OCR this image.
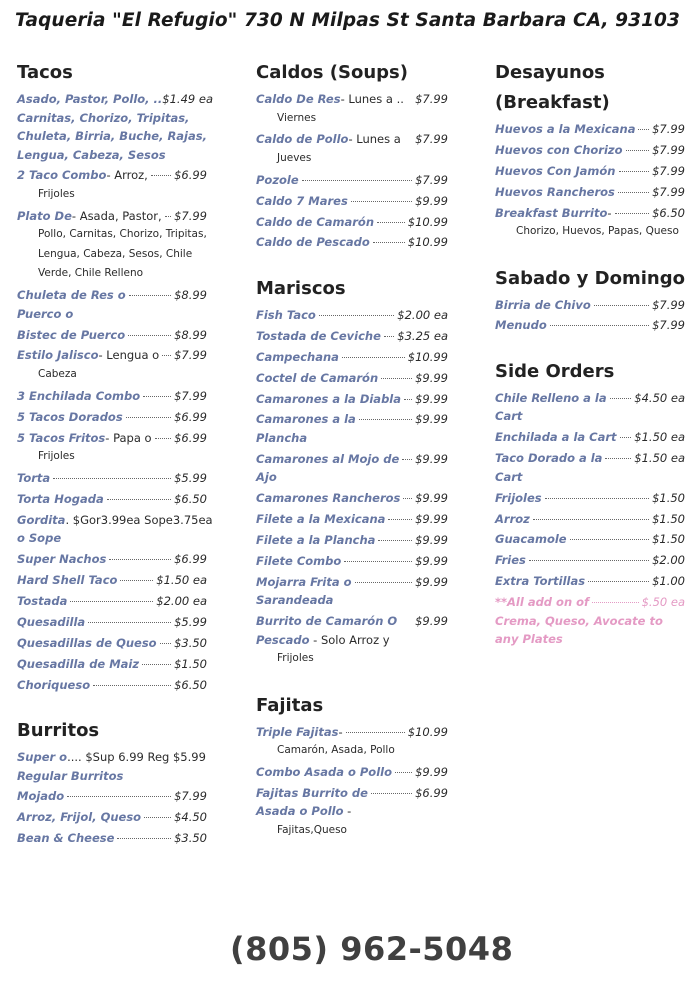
Taqueria "El Refugio" 730 N Milpas St Santa Barbara CA, 93103
Tacos
Asado, Pastor, Pollo, .. $1.49 ea
Carnitas, Chorizo, Tripitas, Chuleta, Birria, Buche, Rajas, Lengua, Cabeza, Sesos
2 Taco Combo - Arroz, $6.99
Frijoles
Plato De - Asada, Pastor, $7.99
Pollo, Carnitas, Chorizo, Tripitas, Lengua, Cabeza, Sesos, Chile Verde, Chile Relleno
Chuleta de Res o	$8.99
Puerco o
Bistec de Puerco	$8.99
Estilo Jalisco - Lengua o $7.99
Cabeza
3 Enchilada Combo	$7.99
5 Tacos Dorados	$6.99
5 Tacos Fritos - Papa o $6.99
Frijoles
Torta	$5.99
Torta Hogada	$6.50
Gordita . $Gor3.99ea Sope3.75ea
o Sope
Super Nachos	$6.99
Hard Shell Taco	$1.50 ea
Tostada	$2.00 ea
Quesadilla	$5.99
Quesadillas de Queso $3.50
Quesadilla de Maiz	$1.50
Choriqueso	$6.50
Burritos
Super o .... $Sup 6.99 Reg $5.99
Regular Burritos
Mojado	$7.99
Arroz, Frijol, Queso	$4.50
Bean & Cheese	$3.50
Caldos (Soups)
Caldo De Res - Lunes a .. $7.99
Viernes
Caldo de Pollo - Lunes a $7.99
Jueves
Pozole	$7.99
Caldo 7 Mares	$9.99
Caldo de Camarón	$10.99
Caldo de Pescado	$10.99
Mariscos
Fish Taco	$2.00 ea
Tostada de Ceviche $3.25 ea
Campechana	$10.99
Coctel de Camarón	$9.99
Camarones a la Diabla $9.99
Camarones a la	$9.99
Plancha
Camarones al Mojo de $9.99
Ajo
Camarones Rancheros $9.99
Filete a la Mexicana	$9.99
Filete a la Plancha	$9.99
Filete Combo	$9.99
Mojarra Frita o	$9.99
Sarandeada
Burrito de Camarón O $9.99
Pescado - Solo Arroz y
Frijoles
Fajitas
Triple Fajitas -	$10.99
Camarón, Asada, Pollo
Combo Asada o Pollo $9.99
Fajitas Burrito de	$6.99
Asada o Pollo -
Fajitas,Queso
Desayunos (Breakfast)
Huevos a la Mexicana $7.99
Huevos con Chorizo	$7.99
Huevos Con Jamón	$7.99
Huevos Rancheros	$7.99
Breakfast Burrito -	$6.50
Chorizo, Huevos, Papas, Queso
Sabado y Domingo
Birria de Chivo	$7.99
Menudo	$7.99
Side Orders
Chile Relleno a la $4.50 ea
Cart
Enchilada a la Cart $1.50 ea
Taco Dorado a la	$1.50 ea
Cart
Frijoles	$1.50
Arroz	$1.50
Guacamole	$1.50
Fries	$2.00
Extra Tortillas	$1.00
**All add on of	$.50 ea
Crema, Queso, Avocate to any Plates
(805) 962-5048
